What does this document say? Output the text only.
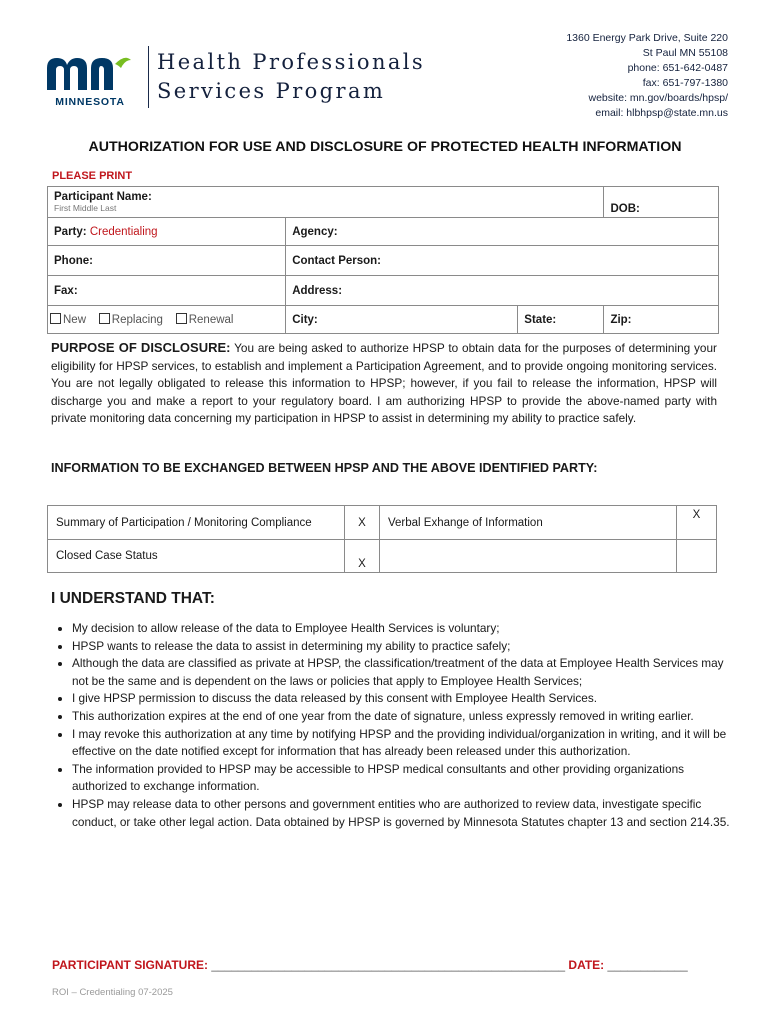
MINNESOTA
Health Professionals
Services Program
1360 Energy Park Drive, Suite 220
St Paul MN 55108
phone: 651-642-0487
fax: 651-797-1380
website: mn.gov/boards/hpsp/
email: hlbhpsp@state.mn.us
AUTHORIZATION FOR USE AND DISCLOSURE OF PROTECTED HEALTH INFORMATION
PLEASE PRINT
Participant Name:
First Middle Last			DOB:
Party: Credentialing	Agency:		
Phone:	Contact Person:		
Fax:	Address:		
New Replacing Renewal	City:	State:	Zip:
PURPOSE OF DISCLOSURE: You are being asked to authorize HPSP to obtain data for the purposes of determining your eligibility for HPSP services, to establish and implement a Participation Agreement, and to provide ongoing monitoring services. You are not legally obligated to release this information to HPSP; however, if you fail to release the information, HPSP will discharge you and make a report to your regulatory board. I am authorizing HPSP to provide the above-named party with private monitoring data concerning my participation in HPSP to assist in determining my ability to practice safely.
INFORMATION TO BE EXCHANGED BETWEEN HPSP AND THE ABOVE IDENTIFIED PARTY:
Summary of Participation / Monitoring Compliance	X	Verbal Exhange of Information	X
Closed Case Status	X		
I UNDERSTAND THAT:
• My decision to allow release of the data to Employee Health Services is voluntary;
• HPSP wants to release the data to assist in determining my ability to practice safely;
• Although the data are classified as private at HPSP, the classification/treatment of the data at Employee Health Services may not be the same and is dependent on the laws or policies that apply to Employee Health Services;
• I give HPSP permission to discuss the data released by this consent with Employee Health Services.
• This authorization expires at the end of one year from the date of signature, unless expressly removed in writing earlier.
• I may revoke this authorization at any time by notifying HPSP and the providing individual/organization in writing, and it will be effective on the date notified except for information that has already been released under this authorization.
• The information provided to HPSP may be accessible to HPSP medical consultants and other providing organizations authorized to exchange information.
• HPSP may release data to other persons and government entities who are authorized to review data, investigate specific conduct, or take other legal action. Data obtained by HPSP is governed by Minnesota Statutes chapter 13 and section 214.35.
PARTICIPANT SIGNATURE: _____________________________________________________ DATE: ____________
ROI – Credentialing 07-2025
